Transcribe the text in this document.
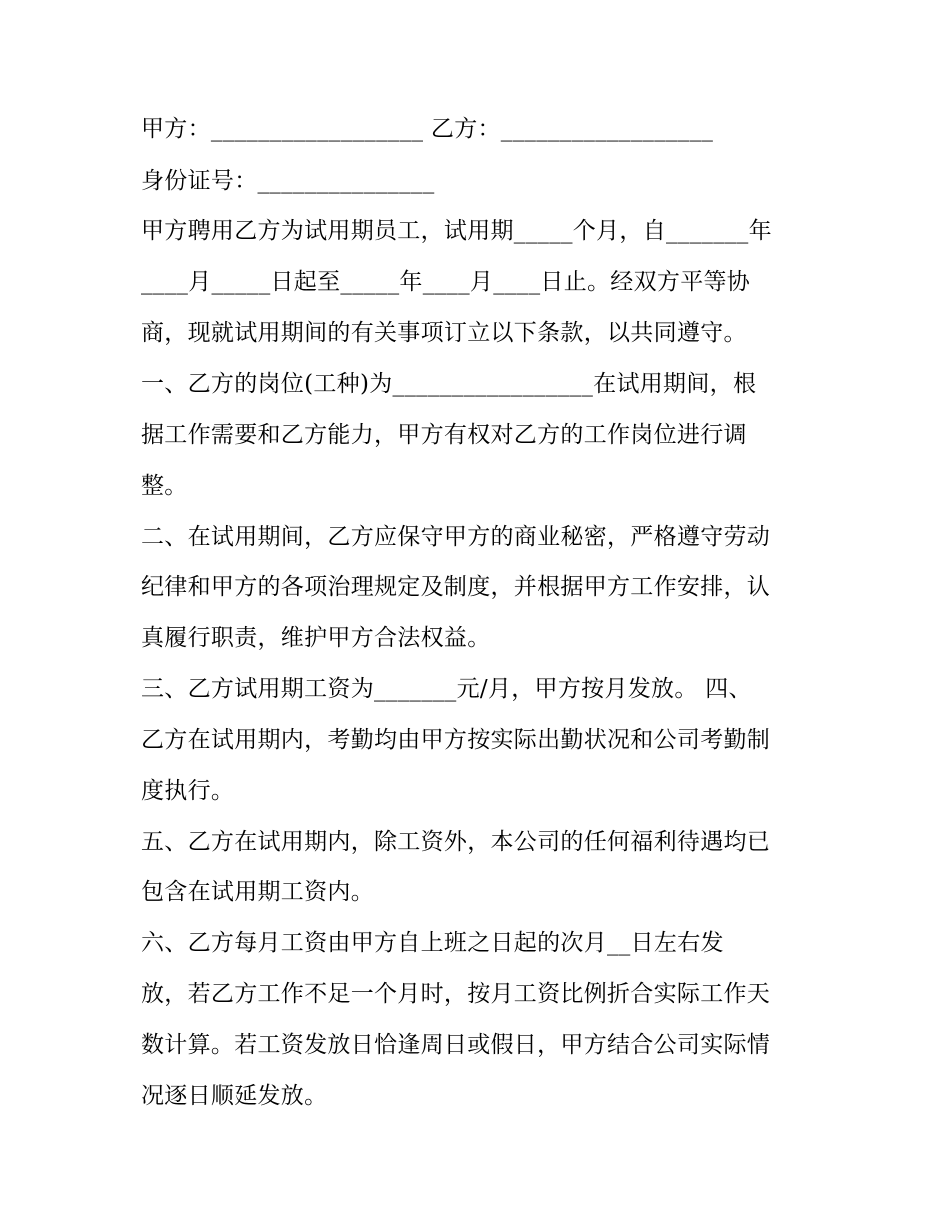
甲方：__________________ 乙方：__________________
身份证号：_______________
甲方聘用乙方为试用期员工，试用期_____个月，自_______年
____月_____日起至_____年____月____日止。经双方平等协
商，现就试用期间的有关事项订立以下条款，以共同遵守。
一、乙方的岗位(工种)为_________________在试用期间，根
据工作需要和乙方能力，甲方有权对乙方的工作岗位进行调
整。
二、在试用期间，乙方应保守甲方的商业秘密，严格遵守劳动
纪律和甲方的各项治理规定及制度，并根据甲方工作安排，认
真履行职责，维护甲方合法权益。
三、乙方试用期工资为_______元/月，甲方按月发放。 四、
乙方在试用期内，考勤均由甲方按实际出勤状况和公司考勤制
度执行。
五、乙方在试用期内，除工资外，本公司的任何福利待遇均已
包含在试用期工资内。
六、乙方每月工资由甲方自上班之日起的次月__日左右发
放，若乙方工作不足一个月时，按月工资比例折合实际工作天
数计算。若工资发放日恰逢周日或假日，甲方结合公司实际情
况逐日顺延发放。
